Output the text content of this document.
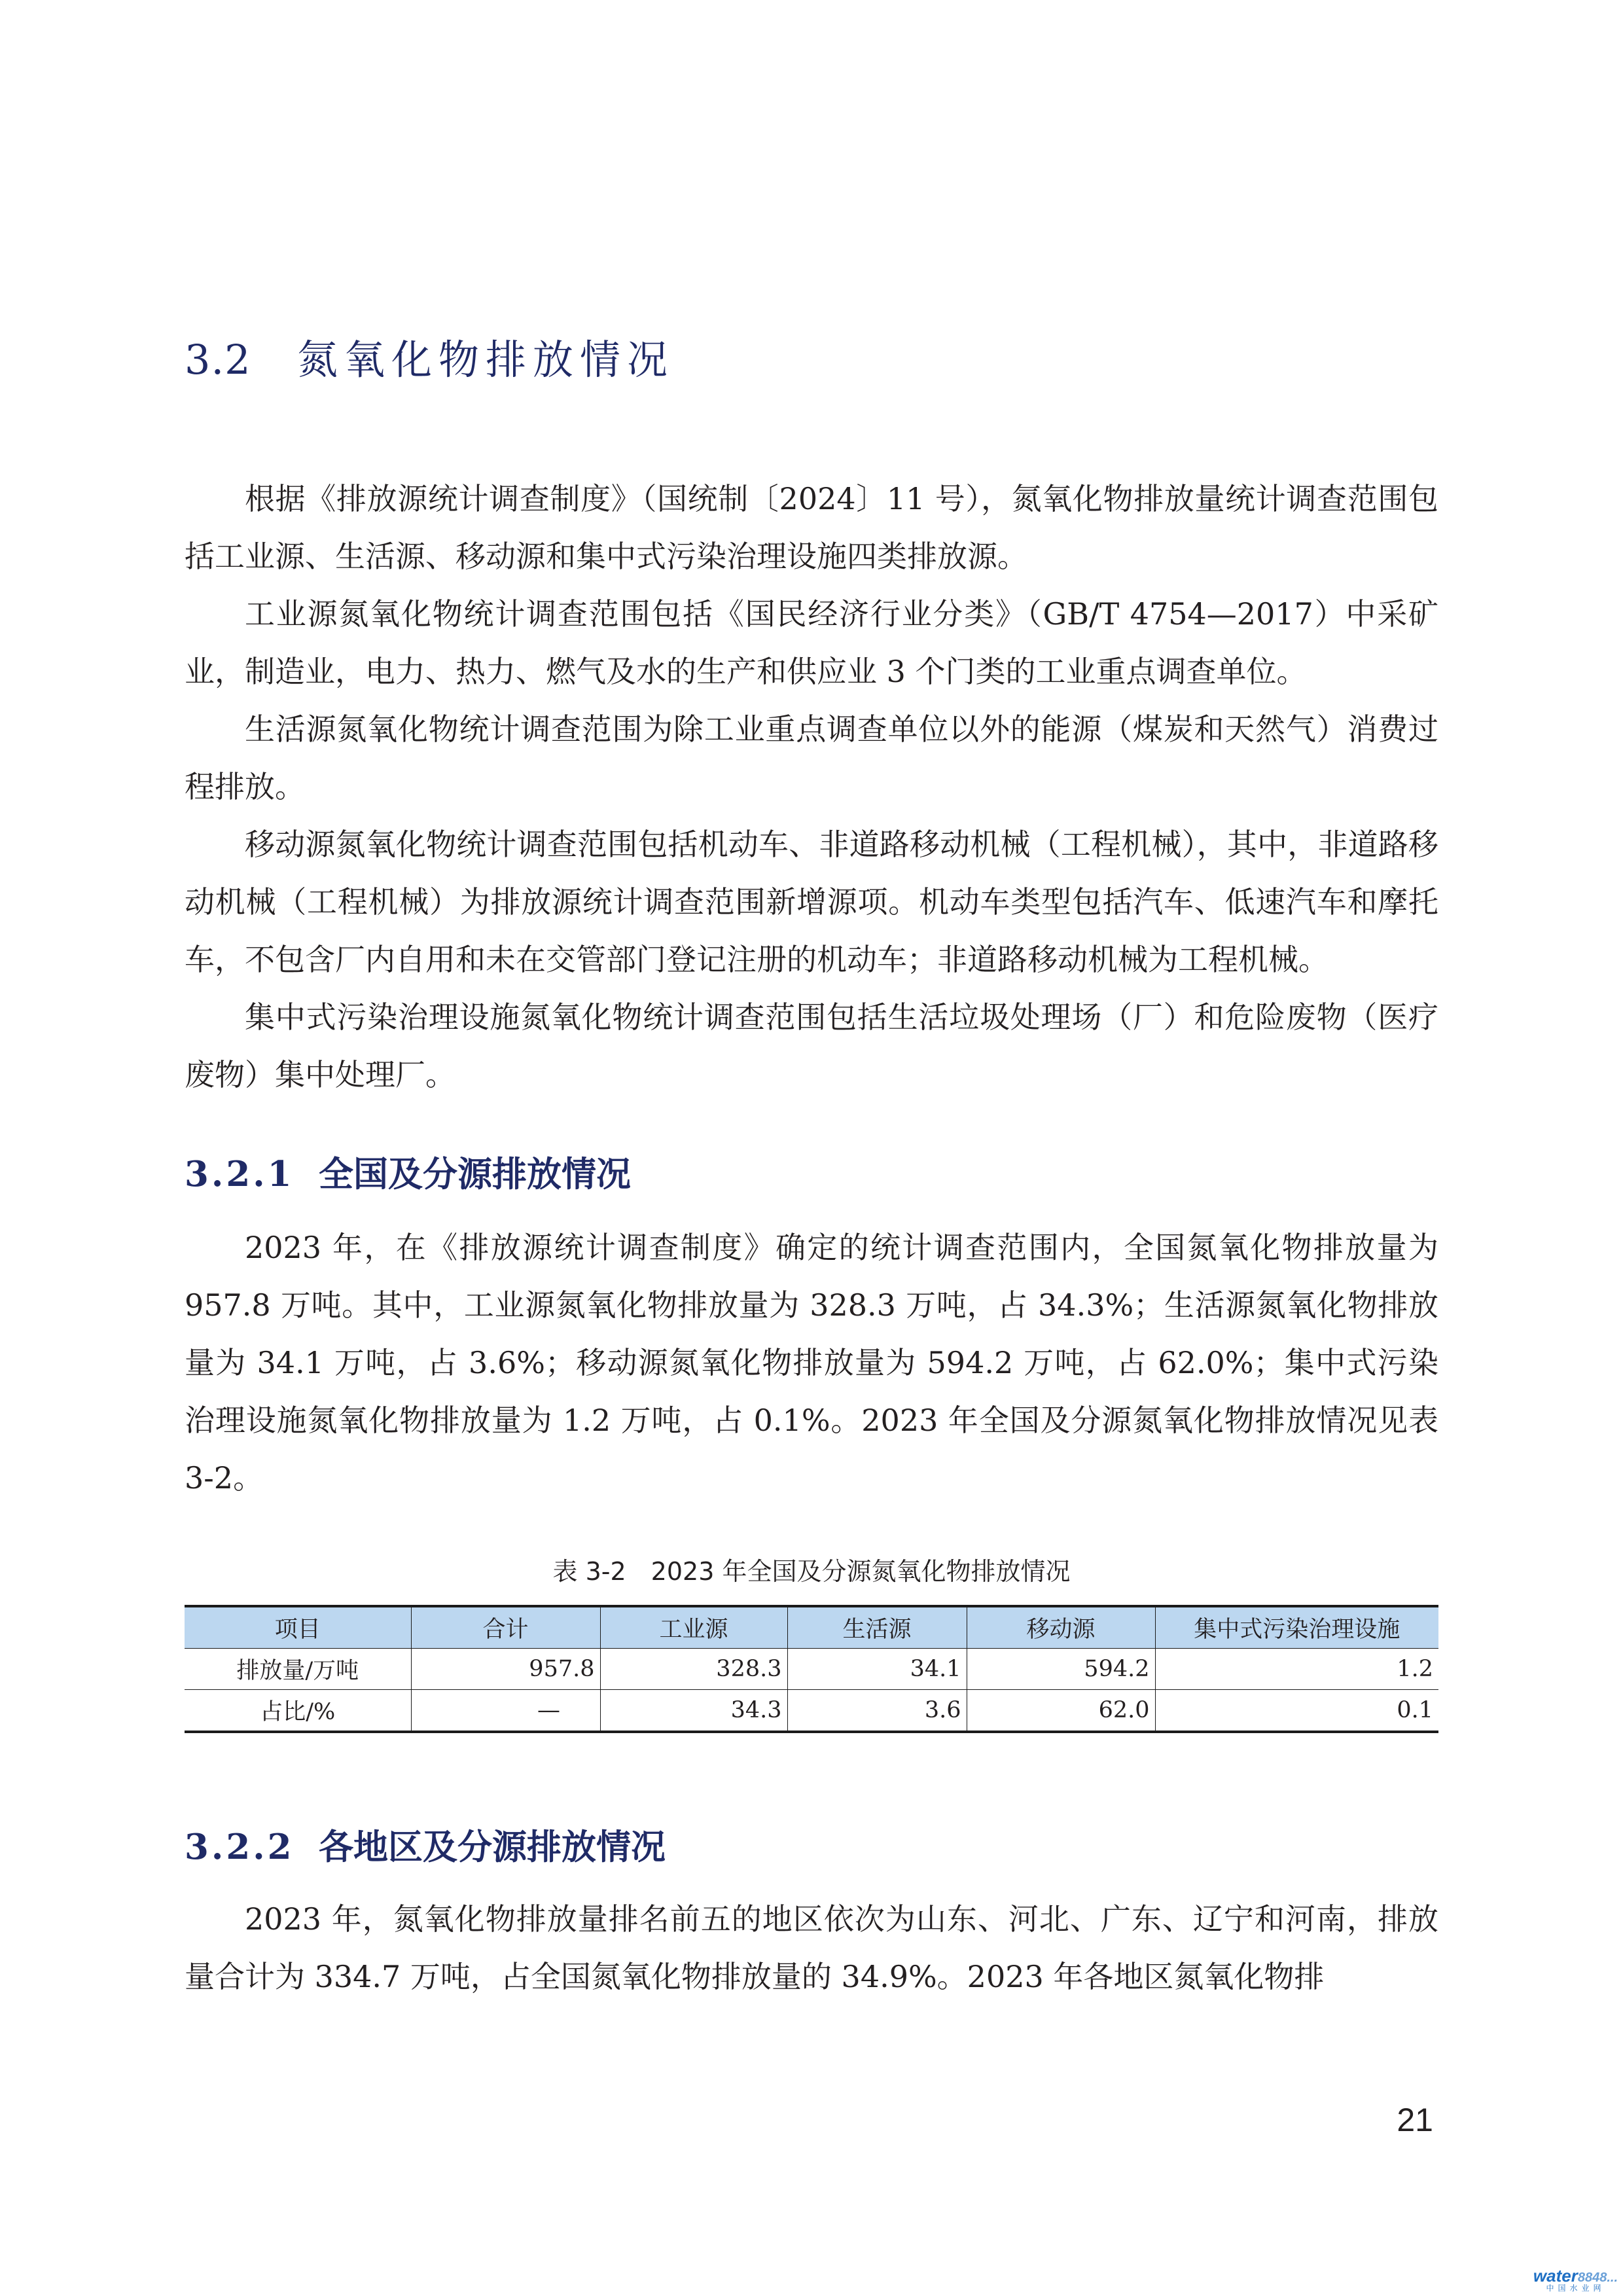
3.2 氮氧化物排放情况

根据《排放源统计调查制度》（国统制〔2024〕11 号），氮氧化物排放量统计调查范围包括工业源、生活源、移动源和集中式污染治理设施四类排放源。

工业源氮氧化物统计调查范围包括《国民经济行业分类》（GB/T 4754—2017）中采矿业，制造业，电力、热力、燃气及水的生产和供应业 3 个门类的工业重点调查单位。

生活源氮氧化物统计调查范围为除工业重点调查单位以外的能源（煤炭和天然气）消费过程排放。

移动源氮氧化物统计调查范围包括机动车、非道路移动机械（工程机械），其中，非道路移动机械（工程机械）为排放源统计调查范围新增源项。机动车类型包括汽车、低速汽车和摩托车，不包含厂内自用和未在交管部门登记注册的机动车；非道路移动机械为工程机械。

集中式污染治理设施氮氧化物统计调查范围包括生活垃圾处理场（厂）和危险废物（医疗废物）集中处理厂。

3.2.1 全国及分源排放情况

2023 年，在《排放源统计调查制度》确定的统计调查范围内，全国氮氧化物排放量为 957.8 万吨。其中，工业源氮氧化物排放量为 328.3 万吨，占 34.3%；生活源氮氧化物排放量为 34.1 万吨，占 3.6%；移动源氮氧化物排放量为 594.2 万吨，占 62.0%；集中式污染治理设施氮氧化物排放量为 1.2 万吨，占 0.1%。2023 年全国及分源氮氧化物排放情况见表 3-2。

表 3-2 2023 年全国及分源氮氧化物排放情况
项目	合计	工业源	生活源	移动源	集中式污染治理设施
排放量/万吨	957.8	328.3	34.1	594.2	1.2
占比/%	—	34.3	3.6	62.0	0.1
3.2.2 各地区及分源排放情况

2023 年，氮氧化物排放量排名前五的地区依次为山东、河北、广东、辽宁和河南，排放量合计为 334.7 万吨，占全国氮氧化物排放量的 34.9%。2023 年各地区氮氧化物排

21
water8848...
中国水业网
